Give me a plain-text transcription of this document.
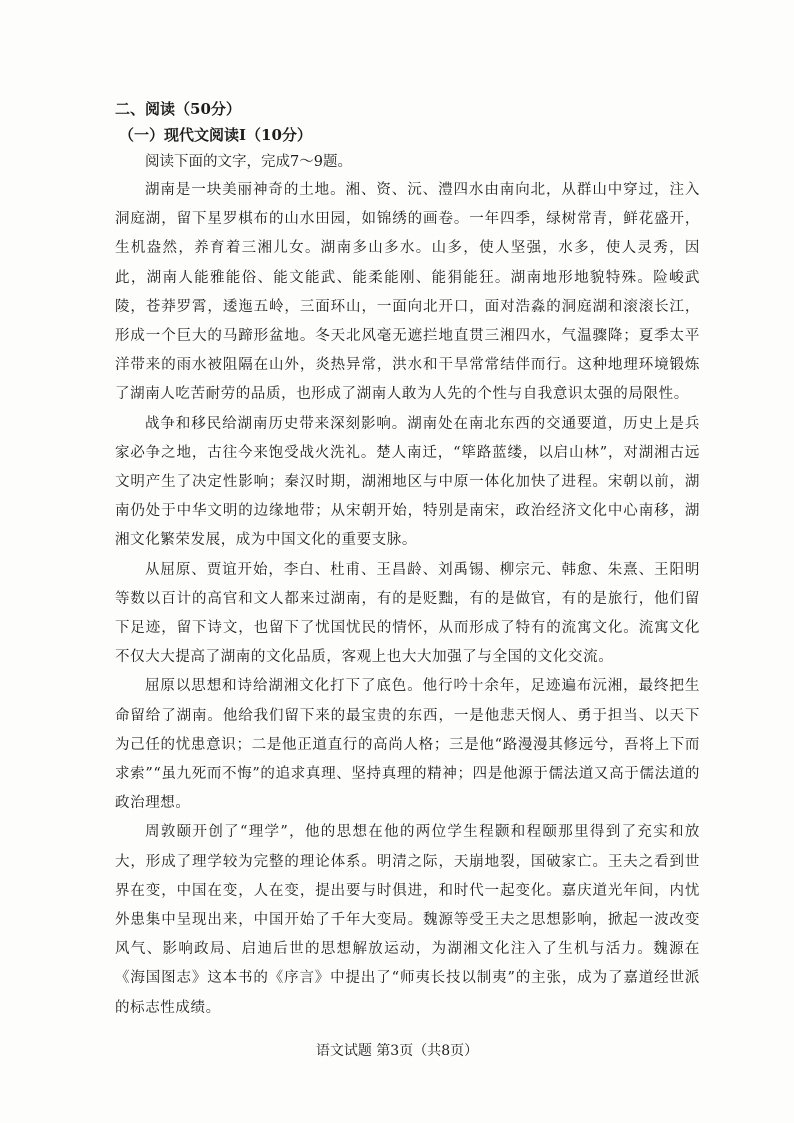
二、阅读（50分）

（一）现代文阅读Ⅰ（10分）

阅读下面的文字，完成7～9题。

湖南是一块美丽神奇的土地。湘、资、沅、澧四水由南向北，从群山中穿过，注入洞庭湖，留下星罗棋布的山水田园，如锦绣的画卷。一年四季，绿树常青，鲜花盛开，生机盎然，养育着三湘儿女。湖南多山多水。山多，使人坚强，水多，使人灵秀，因此，湖南人能雅能俗、能文能武、能柔能刚、能狷能狂。湖南地形地貌特殊。险峻武陵，苍莽罗霄，逶迤五岭，三面环山，一面向北开口，面对浩淼的洞庭湖和滚滚长江，形成一个巨大的马蹄形盆地。冬天北风毫无遮拦地直贯三湘四水，气温骤降；夏季太平洋带来的雨水被阻隔在山外，炎热异常，洪水和干旱常常结伴而行。这种地理环境锻炼了湖南人吃苦耐劳的品质，也形成了湖南人敢为人先的个性与自我意识太强的局限性。

战争和移民给湖南历史带来深刻影响。湖南处在南北东西的交通要道，历史上是兵家必争之地，古往今来饱受战火洗礼。楚人南迁，“筚路蓝缕，以启山林”，对湖湘古远文明产生了决定性影响；秦汉时期，湖湘地区与中原一体化加快了进程。宋朝以前，湖南仍处于中华文明的边缘地带；从宋朝开始，特别是南宋，政治经济文化中心南移，湖湘文化繁荣发展，成为中国文化的重要支脉。

从屈原、贾谊开始，李白、杜甫、王昌龄、刘禹锡、柳宗元、韩愈、朱熹、王阳明等数以百计的高官和文人都来过湖南，有的是贬黜，有的是做官，有的是旅行，他们留下足迹，留下诗文，也留下了忧国忧民的情怀，从而形成了特有的流寓文化。流寓文化不仅大大提高了湖南的文化品质，客观上也大大加强了与全国的文化交流。

屈原以思想和诗给湖湘文化打下了底色。他行吟十余年，足迹遍布沅湘，最终把生命留给了湖南。他给我们留下来的最宝贵的东西，一是他悲天悯人、勇于担当、以天下为己任的忧患意识；二是他正道直行的高尚人格；三是他“路漫漫其修远兮，吾将上下而求索”“虽九死而不悔”的追求真理、坚持真理的精神；四是他源于儒法道又高于儒法道的政治理想。

周敦颐开创了“理学”，他的思想在他的两位学生程颢和程颐那里得到了充实和放大，形成了理学较为完整的理论体系。明清之际，天崩地裂，国破家亡。王夫之看到世界在变，中国在变，人在变，提出要与时俱进，和时代一起变化。嘉庆道光年间，内忧外患集中呈现出来，中国开始了千年大变局。魏源等受王夫之思想影响，掀起一波改变风气、影响政局、启迪后世的思想解放运动，为湖湘文化注入了生机与活力。魏源在《海国图志》这本书的《序言》中提出了“师夷长技以制夷”的主张，成为了嘉道经世派的标志性成绩。

语文试题 第3页（共8页）
